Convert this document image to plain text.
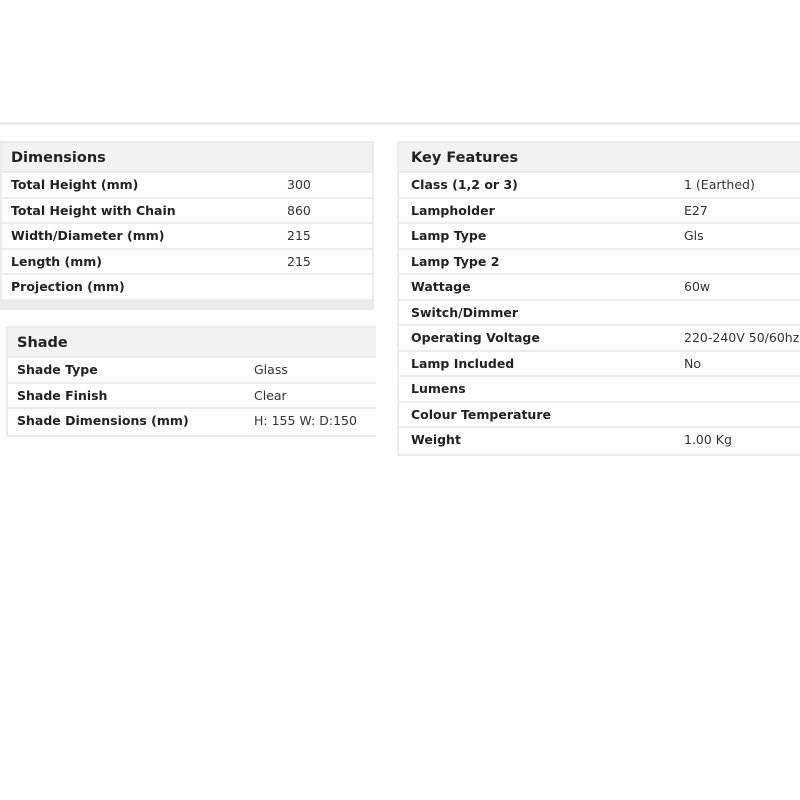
Dimensions
Total Height (mm)	300
Total Height with Chain	860
Width/Diameter (mm)	215
Length (mm)	215
Projection (mm)
Shade
Shade Type	Glass
Shade Finish	Clear
Shade Dimensions (mm)	H: 155 W: D:150
Key Features
Class (1,2 or 3)	1 (Earthed)
Lampholder	E27
Lamp Type	Gls
Lamp Type 2
Wattage	60w
Switch/Dimmer
Operating Voltage	220-240V 50/60hz
Lamp Included	No
Lumens
Colour Temperature
Weight	1.00 Kg
